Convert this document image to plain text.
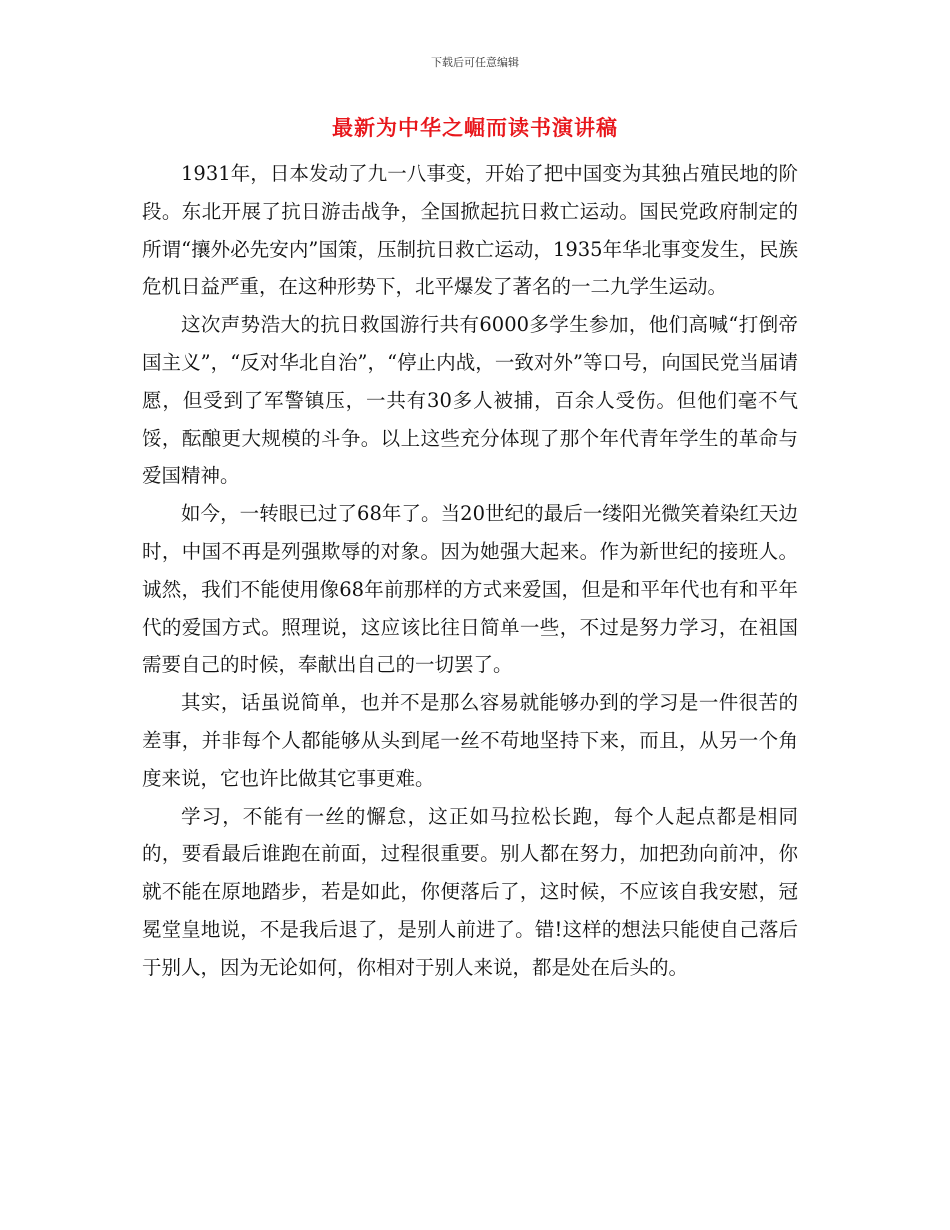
下载后可任意编辑
最新为中华之崛而读书演讲稿

1931年，日本发动了九一八事变，开始了把中国变为其独占殖民地的阶段。东北开展了抗日游击战争，全国掀起抗日救亡运动。国民党政府制定的所谓“攘外必先安内”国策，压制抗日救亡运动，1935年华北事变发生，民族危机日益严重，在这种形势下，北平爆发了著名的一二九学生运动。

这次声势浩大的抗日救国游行共有6000多学生参加，他们高喊“打倒帝国主义”，“反对华北自治”，“停止内战，一致对外”等口号，向国民党当届请愿，但受到了军警镇压，一共有30多人被捕，百余人受伤。但他们毫不气馁，酝酿更大规模的斗争。以上这些充分体现了那个年代青年学生的革命与爱国精神。

如今，一转眼已过了68年了。当20世纪的最后一缕阳光微笑着染红天边时，中国不再是列强欺辱的对象。因为她强大起来。作为新世纪的接班人。诚然，我们不能使用像68年前那样的方式来爱国，但是和平年代也有和平年代的爱国方式。照理说，这应该比往日简单一些，不过是努力学习，在祖国需要自己的时候，奉献出自己的一切罢了。

其实，话虽说简单，也并不是那么容易就能够办到的学习是一件很苦的差事，并非每个人都能够从头到尾一丝不苟地坚持下来，而且，从另一个角度来说，它也许比做其它事更难。

学习，不能有一丝的懈怠，这正如马拉松长跑，每个人起点都是相同的，要看最后谁跑在前面，过程很重要。别人都在努力，加把劲向前冲，你就不能在原地踏步，若是如此，你便落后了，这时候，不应该自我安慰，冠冕堂皇地说，不是我后退了，是别人前进了。错!这样的想法只能使自己落后于别人，因为无论如何，你相对于别人来说，都是处在后头的。
